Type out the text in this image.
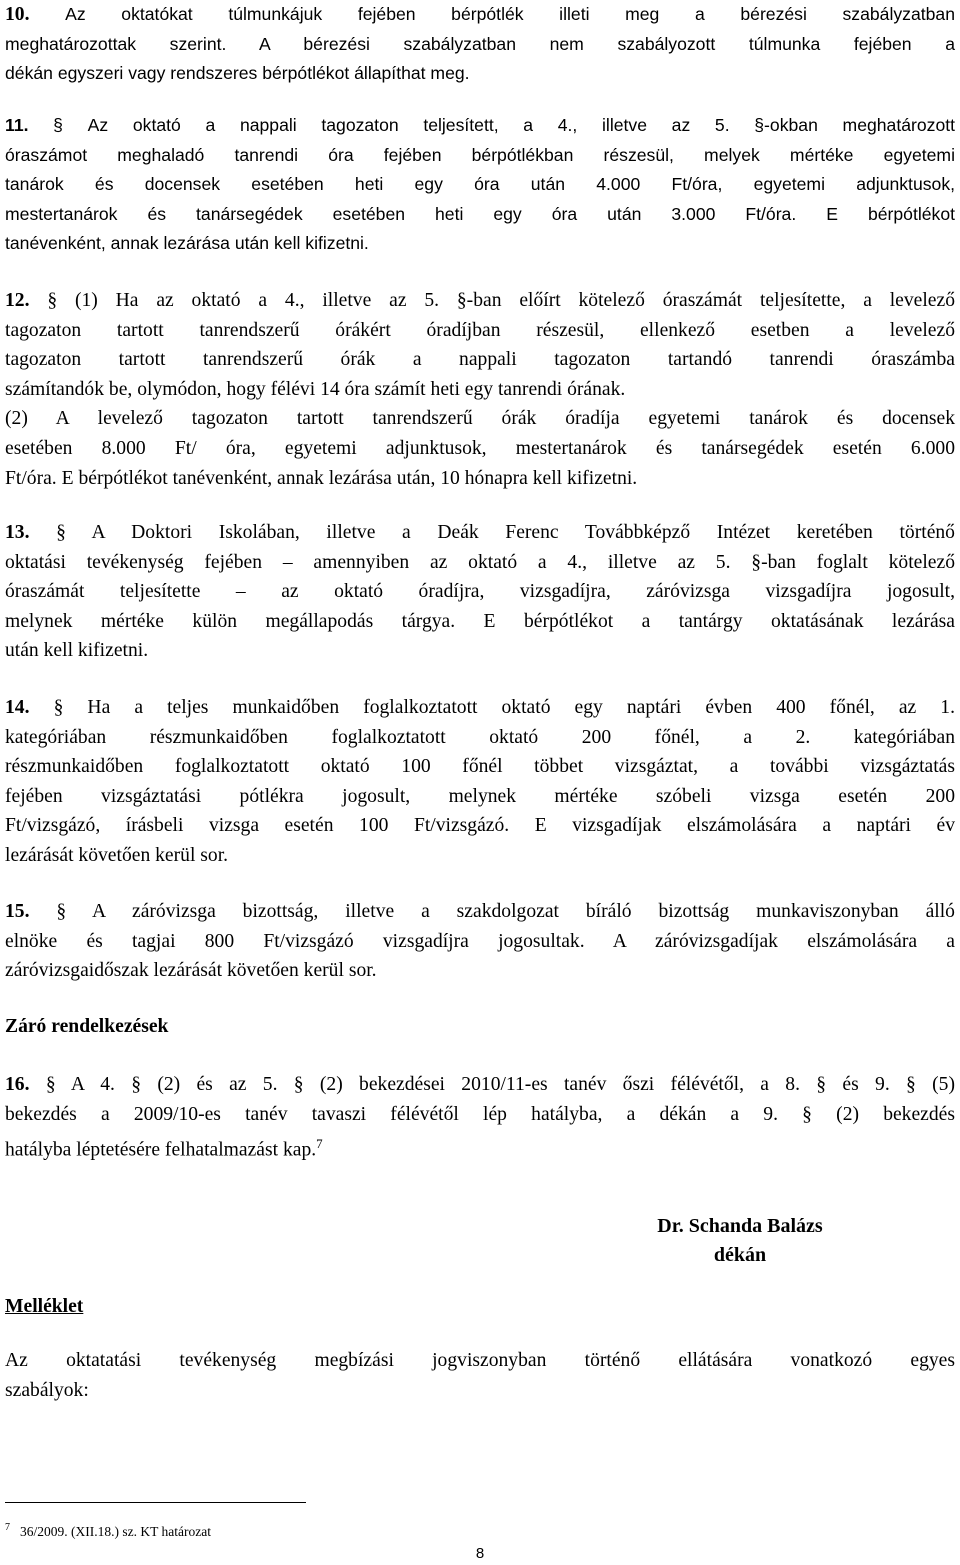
10. Az oktatókat túlmunkájuk fejében bérpótlék illeti meg a bérezési szabályzatban
meghatározottak szerint. A bérezési szabályzatban nem szabályozott túlmunka fejében a
dékán egyszeri vagy rendszeres bérpótlékot állapíthat meg.
11. § Az oktató a nappali tagozaton teljesített, a 4., illetve az 5. §-okban meghatározott
óraszámot meghaladó tanrendi óra fejében bérpótlékban részesül, melyek mértéke egyetemi
tanárok és docensek esetében heti egy óra után 4.000 Ft/óra, egyetemi adjunktusok,
mestertanárok és tanársegédek esetében heti egy óra után 3.000 Ft/óra. E bérpótlékot
tanévenként, annak lezárása után kell kifizetni.
12. § (1) Ha az oktató a 4., illetve az 5. §-ban előírt kötelező óraszámát teljesítette, a levelező
tagozaton tartott tanrendszerű órákért óradíjban részesül, ellenkező esetben a levelező
tagozaton tartott tanrendszerű órák a nappali tagozaton tartandó tanrendi óraszámba
számítandók be, olymódon, hogy félévi 14 óra számít heti egy tanrendi órának.
(2) A levelező tagozaton tartott tanrendszerű órák óradíja egyetemi tanárok és docensek
esetében 8.000 Ft/ óra, egyetemi adjunktusok, mestertanárok és tanársegédek esetén 6.000
Ft/óra. E bérpótlékot tanévenként, annak lezárása után, 10 hónapra kell kifizetni.
13. § A Doktori Iskolában, illetve a Deák Ferenc Továbbképző Intézet keretében történő
oktatási tevékenység fejében – amennyiben az oktató a 4., illetve az 5. §-ban foglalt kötelező
óraszámát teljesítette – az oktató óradíjra, vizsgadíjra, záróvizsga vizsgadíjra jogosult,
melynek mértéke külön megállapodás tárgya. E bérpótlékot a tantárgy oktatásának lezárása
után kell kifizetni.
14. § Ha a teljes munkaidőben foglalkoztatott oktató egy naptári évben 400 főnél, az 1.
kategóriában részmunkaidőben foglalkoztatott oktató 200 főnél, a 2. kategóriában
részmunkaidőben foglalkoztatott oktató 100 főnél többet vizsgáztat, a további vizsgáztatás
fejében vizsgáztatási pótlékra jogosult, melynek mértéke szóbeli vizsga esetén 200
Ft/vizsgázó, írásbeli vizsga esetén 100 Ft/vizsgázó. E vizsgadíjak elszámolására a naptári év
lezárását követően kerül sor.
15. § A záróvizsga bizottság, illetve a szakdolgozat bíráló bizottság munkaviszonyban álló
elnöke és tagjai 800 Ft/vizsgázó vizsgadíjra jogosultak. A záróvizsgadíjak elszámolására a
záróvizsgaidőszak lezárását követően kerül sor.
Záró rendelkezések
16. § A 4. § (2) és az 5. § (2) bekezdései 2010/11-es tanév őszi félévétől, a 8. § és 9. § (5)
bekezdés a 2009/10-es tanév tavaszi félévétől lép hatályba, a dékán a 9. § (2) bekezdés
hatályba léptetésére felhatalmazást kap.$^7$
Dr. Schanda Balázs
dékán
Melléklet
Az oktatatási tevékenység megbízási jogviszonyban történő ellátására vonatkozó egyes
szabályok:
$^7$ 36/2009. (XII.18.) sz. KT határozat
8
